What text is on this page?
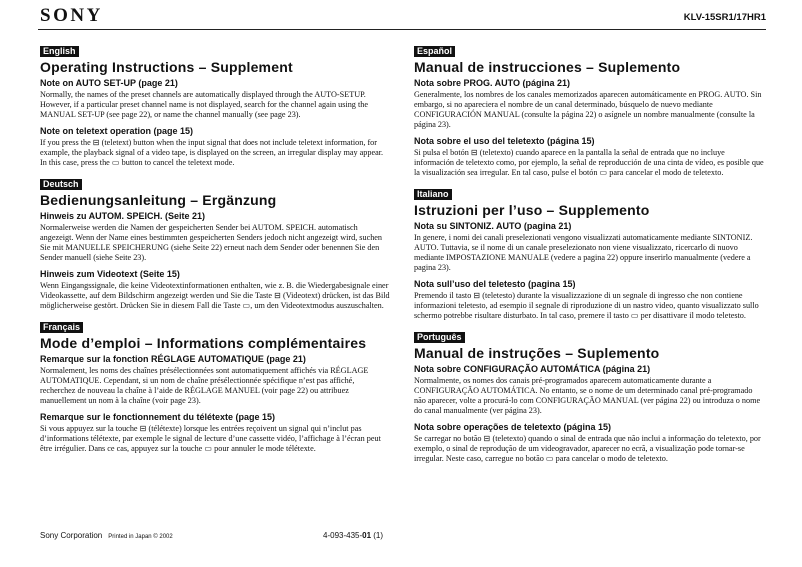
SONY	KLV-15SR1/17HR1
English
Operating Instructions – Supplement
Note on AUTO SET-UP (page 21)
Normally, the names of the preset channels are automatically displayed through the AUTO-SETUP. However, if a particular preset channel name is not displayed, search for the channel again using the MANUAL SET-UP (see page 22), or name the channel manually (see page 23).
Note on teletext operation (page 15)
If you press the ⊟ (teletext) button when the input signal that does not include teletext information, for example, the playback signal of a video tape, is displayed on the screen, an irregular display may appear. In this case, press the ▭ button to cancel the teletext mode.
Deutsch
Bedienungsanleitung – Ergänzung
Hinweis zu AUTOM. SPEICH. (Seite 21)
Normalerweise werden die Namen der gespeicherten Sender bei AUTOM. SPEICH. automatisch angezeigt. Wenn der Name eines bestimmten gespeicherten Senders jedoch nicht angezeigt wird, suchen Sie mit MANUELLE SPEICHERUNG (siehe Seite 22) erneut nach dem Sender oder benennen Sie den Sender manuell (siehe Seite 23).
Hinweis zum Videotext (Seite 15)
Wenn Eingangssignale, die keine Videotextinformationen enthalten, wie z. B. die Wiedergabesignale einer Videokassette, auf dem Bildschirm angezeigt werden und Sie die Taste ⊟ (Videotext) drücken, ist das Bild möglicherweise gestört. Drücken Sie in diesem Fall die Taste ▭, um den Videotextmodus auszuschalten.
Français
Mode d’emploi – Informations complémentaires
Remarque sur la fonction RÉGLAGE AUTOMATIQUE (page 21)
Normalement, les noms des chaînes présélectionnées sont automatiquement affichés via RÉGLAGE AUTOMATIQUE. Cependant, si un nom de chaîne présélectionnée spécifique n’est pas affiché, recherchez de nouveau la chaîne à l’aide de RÉGLAGE MANUEL (voir page 22) ou attribuez manuellement un nom à la chaîne (voir page 23).
Remarque sur le fonctionnement du télétexte (page 15)
Si vous appuyez sur la touche ⊟ (télétexte) lorsque les entrées reçoivent un signal qui n’inclut pas d’informations télétexte, par exemple le signal de lecture d’une cassette vidéo, l’affichage à l’écran peut être irrégulier. Dans ce cas, appuyez sur la touche ▭ pour annuler le mode télétexte.
Español
Manual de instrucciones – Suplemento
Nota sobre PROG. AUTO (página 21)
Generalmente, los nombres de los canales memorizados aparecen automáticamente en PROG. AUTO. Sin embargo, si no apareciera el nombre de un canal determinado, búsquelo de nuevo mediante CONFIGURACIÓN MANUAL (consulte la página 22) o asígnele un nombre manualmente (consulte la página 23).
Nota sobre el uso del teletexto (página 15)
Si pulsa el botón ⊟ (teletexto) cuando aparece en la pantalla la señal de entrada que no incluye información de teletexto como, por ejemplo, la señal de reproducción de una cinta de vídeo, es posible que la visualización sea irregular. En tal caso, pulse el botón ▭ para cancelar el modo de teletexto.
Italiano
Istruzioni per l’uso – Supplemento
Nota su SINTONIZ. AUTO (pagina 21)
In genere, i nomi dei canali preselezionati vengono visualizzati automaticamente mediante SINTONIZ. AUTO. Tuttavia, se il nome di un canale preselezionato non viene visualizzato, ricercarlo di nuovo mediante IMPOSTAZIONE MANUALE (vedere a pagina 22) oppure inserirlo manualmente (vedere a pagina 23).
Nota sull’uso del teletesto (pagina 15)
Premendo il tasto ⊟ (teletesto) durante la visualizzazione di un segnale di ingresso che non contiene informazioni teletesto, ad esempio il segnale di riproduzione di un nastro video, quanto visualizzato sullo schermo potrebbe risultare disturbato. In tal caso, premere il tasto ▭ per disattivare il modo teletesto.
Português
Manual de instruções – Suplemento
Nota sobre CONFIGURAÇÃO AUTOMÁTICA (página 21)
Normalmente, os nomes dos canais pré-programados aparecem automaticamente durante a CONFIGURAÇÃO AUTOMÁTICA. No entanto, se o nome de um determinado canal pré-programado não aparecer, volte a procurá-lo com CONFIGURAÇÃO MANUAL (ver página 22) ou introduza o nome do canal manualmente (ver página 23).
Nota sobre operações de teletexto (página 15)
Se carregar no botão ⊟ (teletexto) quando o sinal de entrada que não inclui a informação do teletexto, por exemplo, o sinal de reprodução de um videogravador, aparecer no ecrã, a visualização pode tornar-se irregular. Neste caso, carregue no botão ▭ para cancelar o modo de teletexto.
Sony Corporation Printed in Japan © 2002	4-093-435-01 (1)
